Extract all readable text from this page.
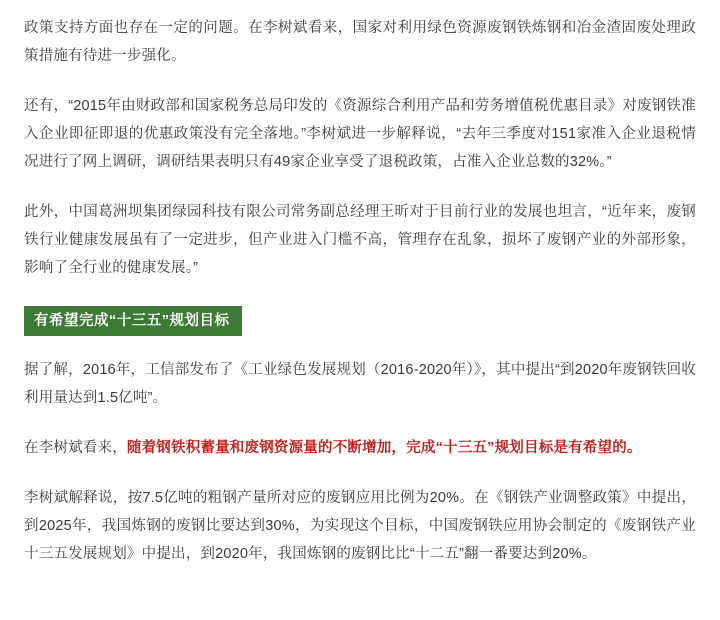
政策支持方面也存在一定的问题。在李树斌看来，国家对利用绿色资源废钢铁炼钢和冶金渣固废处理政策措施有待进一步强化。

还有，“2015年由财政部和国家税务总局印发的《资源综合利用产品和劳务增值税优惠目录》对废钢铁准入企业即征即退的优惠政策没有完全落地。”李树斌进一步解释说，“去年三季度对151家准入企业退税情况进行了网上调研，调研结果表明只有49家企业享受了退税政策，占准入企业总数的32%。”

此外，中国葛洲坝集团绿园科技有限公司常务副总经理王昕对于目前行业的发展也坦言，“近年来，废钢铁行业健康发展虽有了一定进步，但产业进入门槛不高，管理存在乱象，损坏了废钢产业的外部形象，影响了全行业的健康发展。”

有希望完成“十三五”规划目标

据了解，2016年，工信部发布了《工业绿色发展规划（2016-2020年）》，其中提出“到2020年废钢铁回收利用量达到1.5亿吨”。

在李树斌看来，随着钢铁积蓄量和废钢资源量的不断增加，完成“十三五”规划目标是有希望的。

李树斌解释说，按7.5亿吨的粗钢产量所对应的废钢应用比例为20%。在《钢铁产业调整政策》中提出，到2025年，我国炼钢的废钢比要达到30%，为实现这个目标，中国废钢铁应用协会制定的《废钢铁产业十三五发展规划》中提出，到2020年，我国炼钢的废钢比比“十二五”翻一番要达到20%。
